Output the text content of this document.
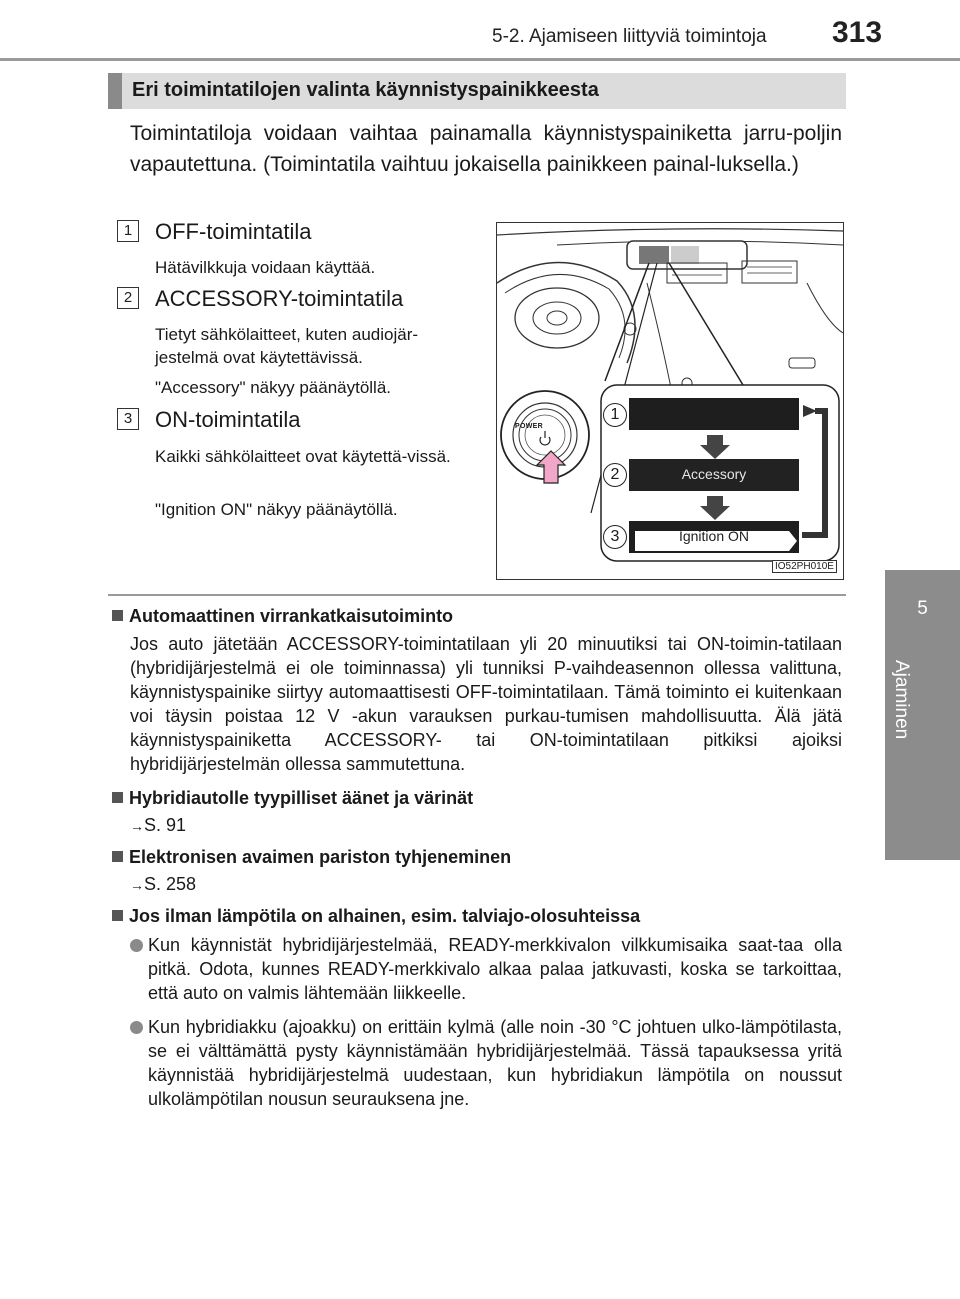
5-2. Ajamiseen liittyviä toimintoja 313
5
Ajaminen
Eri toimintatilojen valinta käynnistyspainikkeesta
Toimintatiloja voidaan vaihtaa painamalla käynnistyspainiketta jarru-poljin vapautettuna. (Toimintatila vaihtuu jokaisella painikkeen painal-luksella.)
1	OFF-toimintatila
Hätävilkkuja voidaan käyttää.
2	ACCESSORY-toimintatila
Tietyt sähkölaitteet, kuten audiojär-jestelmä ovat käytettävissä.
"Accessory" näkyy päänäytöllä.
3	ON-toimintatila
Kaikki sähkölaitteet ovat käytettä-vissä.
"Ignition ON" näkyy päänäytöllä.
POWER
1
2
3
Accessory
Ignition ON
IO52PH010E
Automaattinen virrankatkaisutoiminto
Jos auto jätetään ACCESSORY-toimintatilaan yli 20 minuutiksi tai ON-toimin-tatilaan (hybridijärjestelmä ei ole toiminnassa) yli tunniksi P-vaihdeasennon ollessa valittuna, käynnistyspainike siirtyy automaattisesti OFF-toimintatilaan. Tämä toiminto ei kuitenkaan voi täysin poistaa 12 V -akun varauksen purkau-tumisen mahdollisuutta. Älä jätä käynnistyspainiketta ACCESSORY- tai ON-toimintatilaan pitkiksi ajoiksi hybridijärjestelmän ollessa sammutettuna.
Hybridiautolle tyypilliset äänet ja värinät
→S. 91
Elektronisen avaimen pariston tyhjeneminen
→S. 258
Jos ilman lämpötila on alhainen, esim. talviajo-olosuhteissa
Kun käynnistät hybridijärjestelmää, READY-merkkivalon vilkkumisaika saat-taa olla pitkä. Odota, kunnes READY-merkkivalo alkaa palaa jatkuvasti, koska se tarkoittaa, että auto on valmis lähtemään liikkeelle.
Kun hybridiakku (ajoakku) on erittäin kylmä (alle noin -30 °C johtuen ulko-lämpötilasta, se ei välttämättä pysty käynnistämään hybridijärjestelmää. Tässä tapauksessa yritä käynnistää hybridijärjestelmä uudestaan, kun hybridiakun lämpötila on noussut ulkolämpötilan nousun seurauksena jne.
